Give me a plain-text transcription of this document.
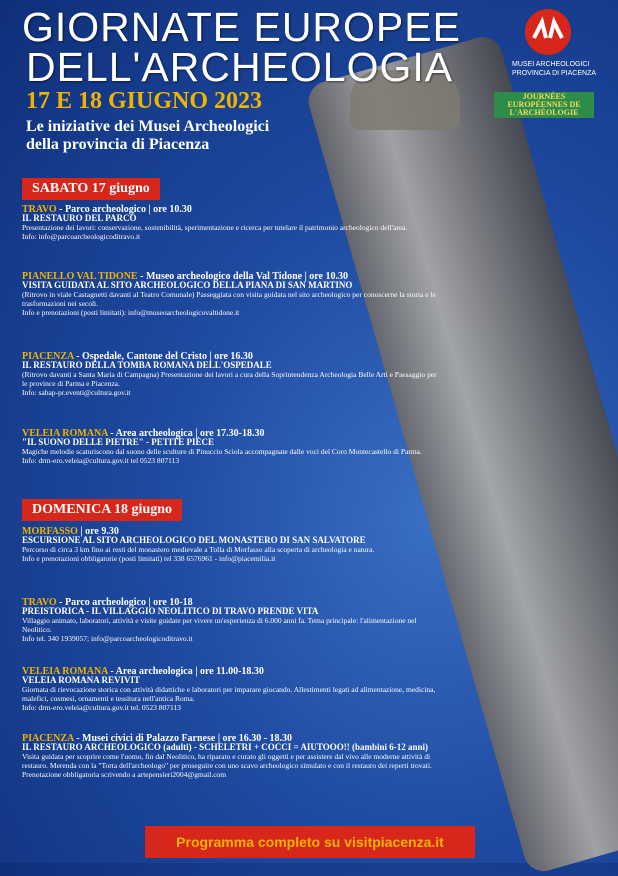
GIORNATE EUROPEE
DELL'ARCHEOLOGIA
17 E 18 GIUGNO 2023
Le iniziative dei Musei Archeologici
della provincia di Piacenza
MUSEI ARCHEOLOGICI
PROVINCIA DI PIACENZA
JOURNÉES EUROPÉENNES DE L'ARCHÉOLOGIE
SABATO 17 giugno
DOMENICA 18 giugno
TRAVO - Parco archeologico | ore 10.30
IL RESTAURO DEL PARCO
Presentazione dei lavori: conservazione, sostenibilità, sperimentazione e ricerca per tutelare il patrimonio archeologico dell'area.
Info: info@parcoarcheologicoditravo.it
PIANELLO VAL TIDONE - Museo archeologico della Val Tidone | ore 10.30
VISITA GUIDATA AL SITO ARCHEOLOGICO DELLA PIANA DI SAN MARTINO
(Ritrovo in viale Castagnetti davanti al Teatro Comunale) Passeggiata con visita guidata nel sito archeologico per conoscerne la storia e le trasformazioni nei secoli.
Info e prenotazioni (posti limitati): info@museoarcheologicovaltidone.it
PIACENZA - Ospedale, Cantone del Cristo | ore 16.30
IL RESTAURO DELLA TOMBA ROMANA DELL'OSPEDALE
(Ritrovo davanti a Santa Maria di Campagna) Presentazione dei lavori a cura della Soprintendenza Archeologia Belle Arti e Paesaggio per le province di Parma e Piacenza.
Info: sabap-pr.eventi@cultura.gov.it
VELEIA ROMANA - Area archeologica | ore 17.30-18.30
"IL SUONO DELLE PIETRE" - PETITE PIÈCE
Magiche melodie scaturiscono dal suono delle sculture di Pinuccio Sciola accompagnate dalle voci del Coro Montecastello di Parma.
Info: drm-ero.veleia@cultura.gov.it tel 0523 807113
MORFASSO | ore 9.30
ESCURSIONE AL SITO ARCHEOLOGICO DEL MONASTERO DI SAN SALVATORE
Percorso di circa 3 km fino ai resti del monastero medievale a Tolla di Morfasso alla scoperta di archeologia e natura.
Info e prenotazioni obbligatorie (posti limitati) tel 338 6576961 - info@piacemilia.it
TRAVO - Parco archeologico | ore 10-18
PREISTORICA - IL VILLAGGIO NEOLITICO DI TRAVO PRENDE VITA
Villaggio animato, laboratori, attività e visite guidate per vivere un'esperienza di 6.000 anni fa. Tema principale: l'alimentazione nel Neolitico.
Info tel. 340 1939057; info@parcoarcheologicoditravo.it
VELEIA ROMANA - Area archeologica | ore 11.00-18.30
VELEIA ROMANA REVIVIT
Giornata di rievocazione storica con attività didattiche e laboratori per imparare giocando. Allestimenti legati ad alimentazione, medicina, malefici, cosmesi, ornamenti e tessitura nell'antica Roma.
Info: drm-ero.veleia@cultura.gov.it tel. 0523 807113
PIACENZA - Musei civici di Palazzo Farnese | ore 16.30 - 18.30
IL RESTAURO ARCHEOLOGICO (adulti) - SCHELETRI + COCCI = AIUTOOO!! (bambini 6-12 anni)
Visita guidata per scoprire come l'uomo, fin dal Neolitico, ha riparato e curato gli oggetti e per assistere dal vivo alle moderne attività di restauro. Merenda con la "Torta dell'archeologo" per proseguire con uno scavo archeologico simulato e con il restauro dei reperti trovati. Prenotazione obbligatoria scrivendo a artepensieri2004@gmail.com
Programma completo su visitpiacenza.it
